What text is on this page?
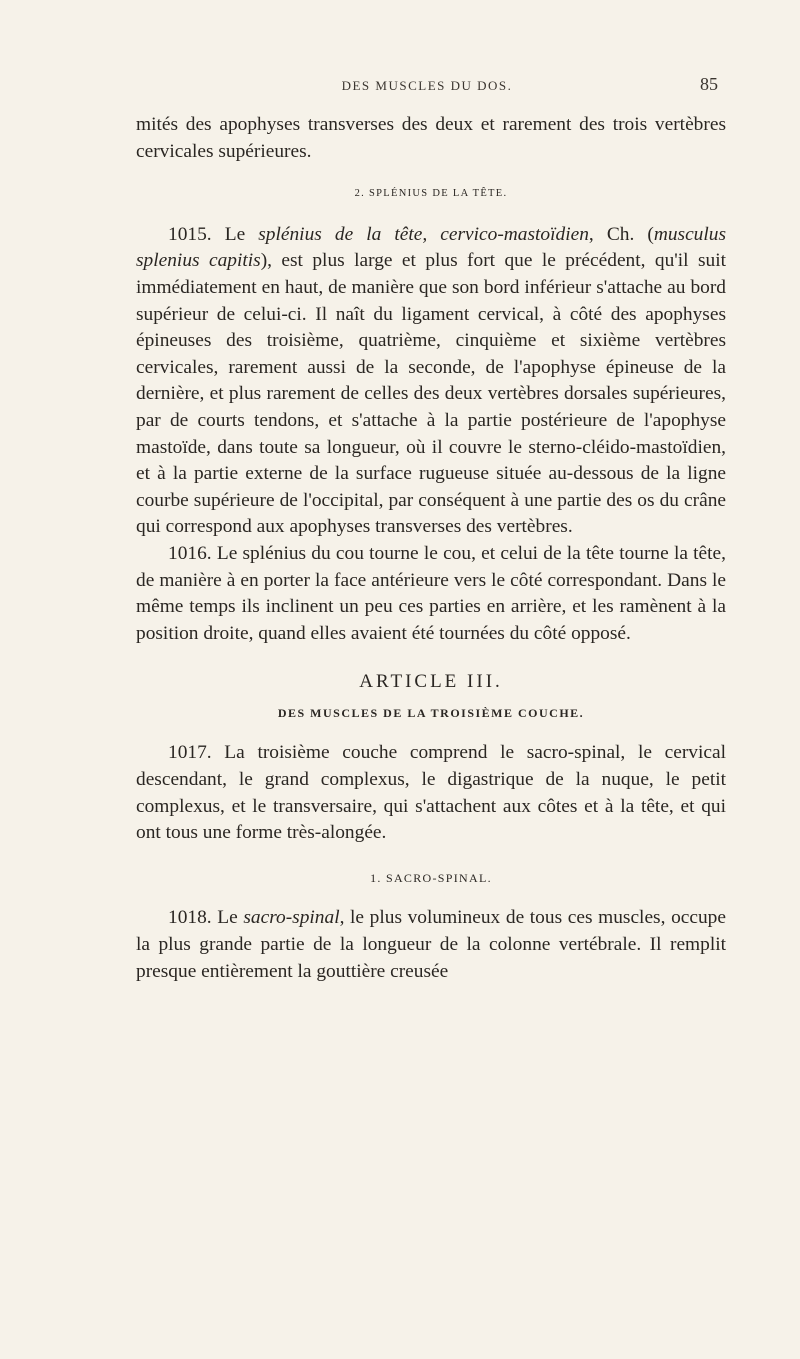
DES MUSCLES DU DOS.	85

mités des apophyses transverses des deux et rarement des trois vertèbres cervicales supérieures.

2. SPLÉNIUS DE LA TÊTE.

1015. Le splénius de la tête, cervico-mastoïdien, Ch. (musculus splenius capitis), est plus large et plus fort que le précédent, qu'il suit immédiatement en haut, de manière que son bord inférieur s'attache au bord supérieur de celui-ci. Il naît du ligament cervical, à côté des apophyses épineuses des troisième, quatrième, cinquième et sixième vertèbres cervicales, rarement aussi de la seconde, de l'apophyse épineuse de la dernière, et plus rarement de celles des deux vertèbres dorsales supérieures, par de courts tendons, et s'attache à la partie postérieure de l'apophyse mastoïde, dans toute sa longueur, où il couvre le sterno-cléido-mastoïdien, et à la partie externe de la surface rugueuse située au-dessous de la ligne courbe supérieure de l'occipital, par conséquent à une partie des os du crâne qui correspond aux apophyses transverses des vertèbres.

1016. Le splénius du cou tourne le cou, et celui de la tête tourne la tête, de manière à en porter la face antérieure vers le côté correspondant. Dans le même temps ils inclinent un peu ces parties en arrière, et les ramènent à la position droite, quand elles avaient été tournées du côté opposé.

ARTICLE III.
DES MUSCLES DE LA TROISIÈME COUCHE.

1017. La troisième couche comprend le sacro-spinal, le cervical descendant, le grand complexus, le digastrique de la nuque, le petit complexus, et le transversaire, qui s'attachent aux côtes et à la tête, et qui ont tous une forme très-alongée.

1. SACRO-SPINAL.

1018. Le sacro-spinal, le plus volumineux de tous ces muscles, occupe la plus grande partie de la longueur de la colonne vertébrale. Il remplit presque entièrement la gouttière creusée
